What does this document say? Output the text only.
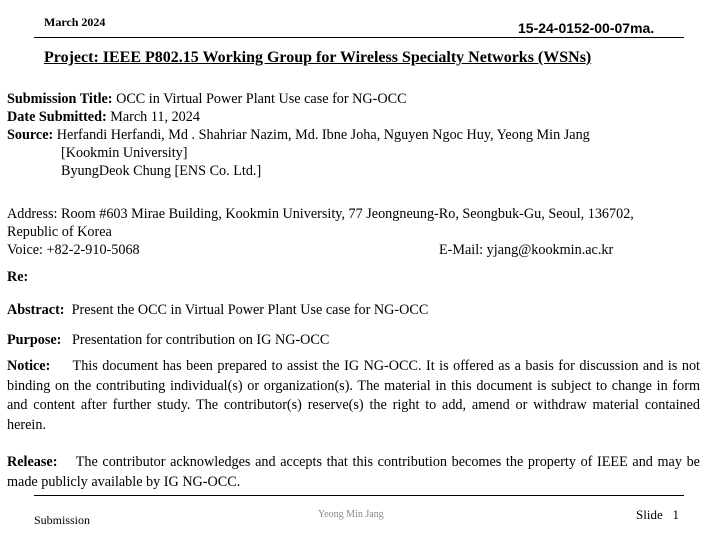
March 2024	15-24-0152-00-07ma.
Project: IEEE P802.15 Working Group for Wireless Specialty Networks (WSNs)
Submission Title: OCC in Virtual Power Plant Use case for NG-OCC
Date Submitted: March 11, 2024
Source: Herfandi Herfandi, Md . Shahriar Nazim, Md. Ibne Joha, Nguyen Ngoc Huy, Yeong Min Jang
[Kookmin University]
ByungDeok Chung [ENS Co. Ltd.]
Address: Room #603 Mirae Building, Kookmin University, 77 Jeongneung-Ro, Seongbuk-Gu, Seoul, 136702, Republic of Korea
Voice: +82-2-910-5068	E-Mail: yjang@kookmin.ac.kr
Re:
Abstract: Present the OCC in Virtual Power Plant Use case for NG-OCC
Purpose: Presentation for contribution on IG NG-OCC
Notice: This document has been prepared to assist the IG NG-OCC. It is offered as a basis for discussion and is not binding on the contributing individual(s) or organization(s). The material in this document is subject to change in form and content after further study. The contributor(s) reserve(s) the right to add, amend or withdraw material contained herein.
Release: The contributor acknowledges and accepts that this contribution becomes the property of IEEE and may be made publicly available by IG NG-OCC.
Submission	Yeong Min Jang	Slide 1
